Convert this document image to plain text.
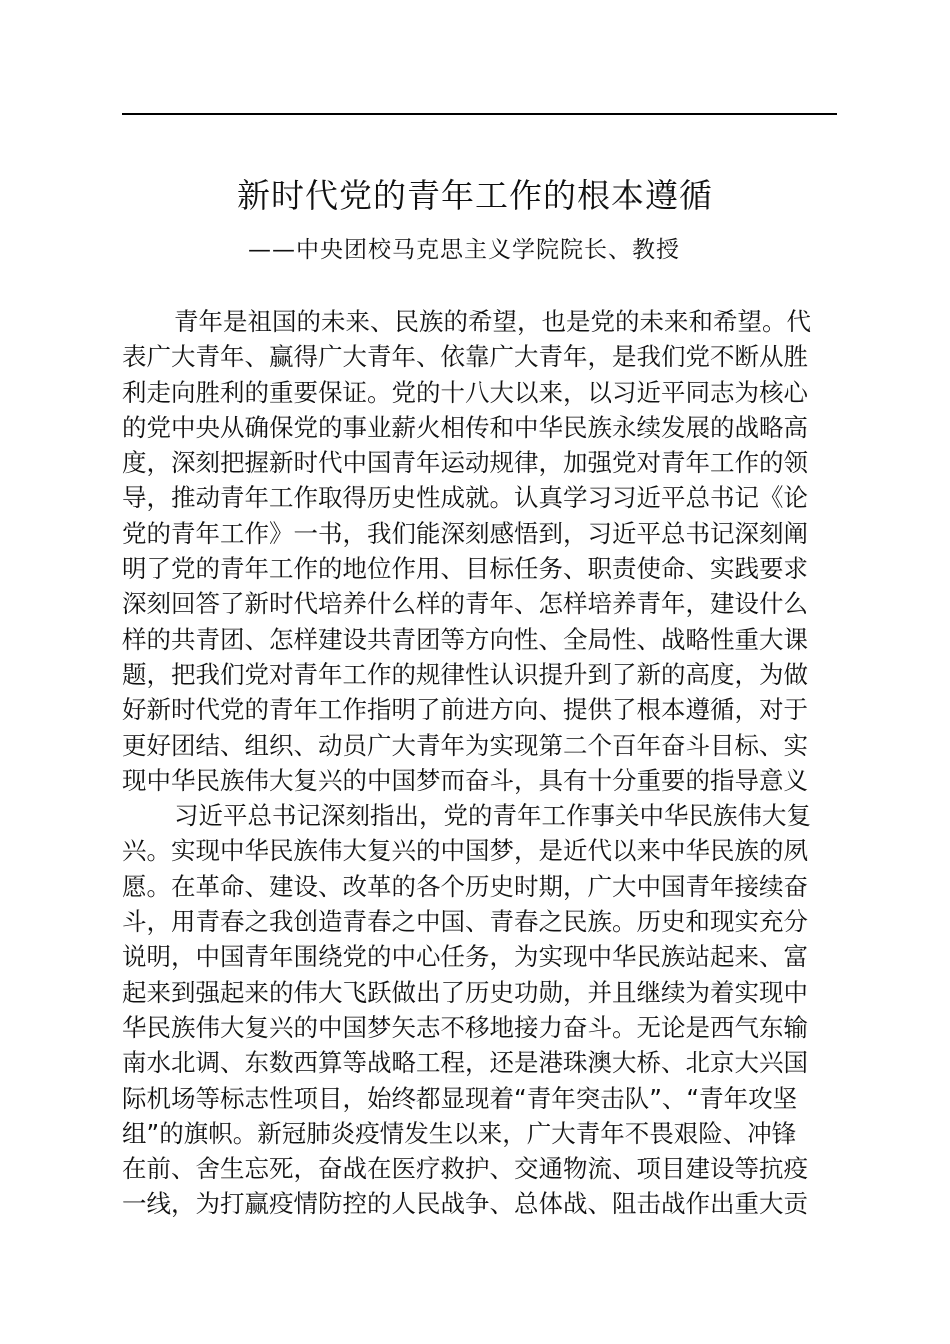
新时代党的青年工作的根本遵循
——中央团校马克思主义学院院长、教授
青年是祖国的未来、民族的希望，也是党的未来和希望。代
表广大青年、赢得广大青年、依靠广大青年，是我们党不断从胜
利走向胜利的重要保证。党的十八大以来，以习近平同志为核心
的党中央从确保党的事业薪火相传和中华民族永续发展的战略高
度，深刻把握新时代中国青年运动规律，加强党对青年工作的领
导，推动青年工作取得历史性成就。认真学习习近平总书记《论
党的青年工作》一书，我们能深刻感悟到，习近平总书记深刻阐
明了党的青年工作的地位作用、目标任务、职责使命、实践要求
深刻回答了新时代培养什么样的青年、怎样培养青年，建设什么
样的共青团、怎样建设共青团等方向性、全局性、战略性重大课
题，把我们党对青年工作的规律性认识提升到了新的高度，为做
好新时代党的青年工作指明了前进方向、提供了根本遵循，对于
更好团结、组织、动员广大青年为实现第二个百年奋斗目标、实
现中华民族伟大复兴的中国梦而奋斗，具有十分重要的指导意义
习近平总书记深刻指出，党的青年工作事关中华民族伟大复
兴。实现中华民族伟大复兴的中国梦，是近代以来中华民族的夙
愿。在革命、建设、改革的各个历史时期，广大中国青年接续奋
斗，用青春之我创造青春之中国、青春之民族。历史和现实充分
说明，中国青年围绕党的中心任务，为实现中华民族站起来、富
起来到强起来的伟大飞跃做出了历史功勋，并且继续为着实现中
华民族伟大复兴的中国梦矢志不移地接力奋斗。无论是西气东输
南水北调、东数西算等战略工程，还是港珠澳大桥、北京大兴国
际机场等标志性项目，始终都显现着“青年突击队”、“青年攻坚
组”的旗帜。新冠肺炎疫情发生以来，广大青年不畏艰险、冲锋
在前、舍生忘死，奋战在医疗救护、交通物流、项目建设等抗疫
一线，为打赢疫情防控的人民战争、总体战、阻击战作出重大贡
